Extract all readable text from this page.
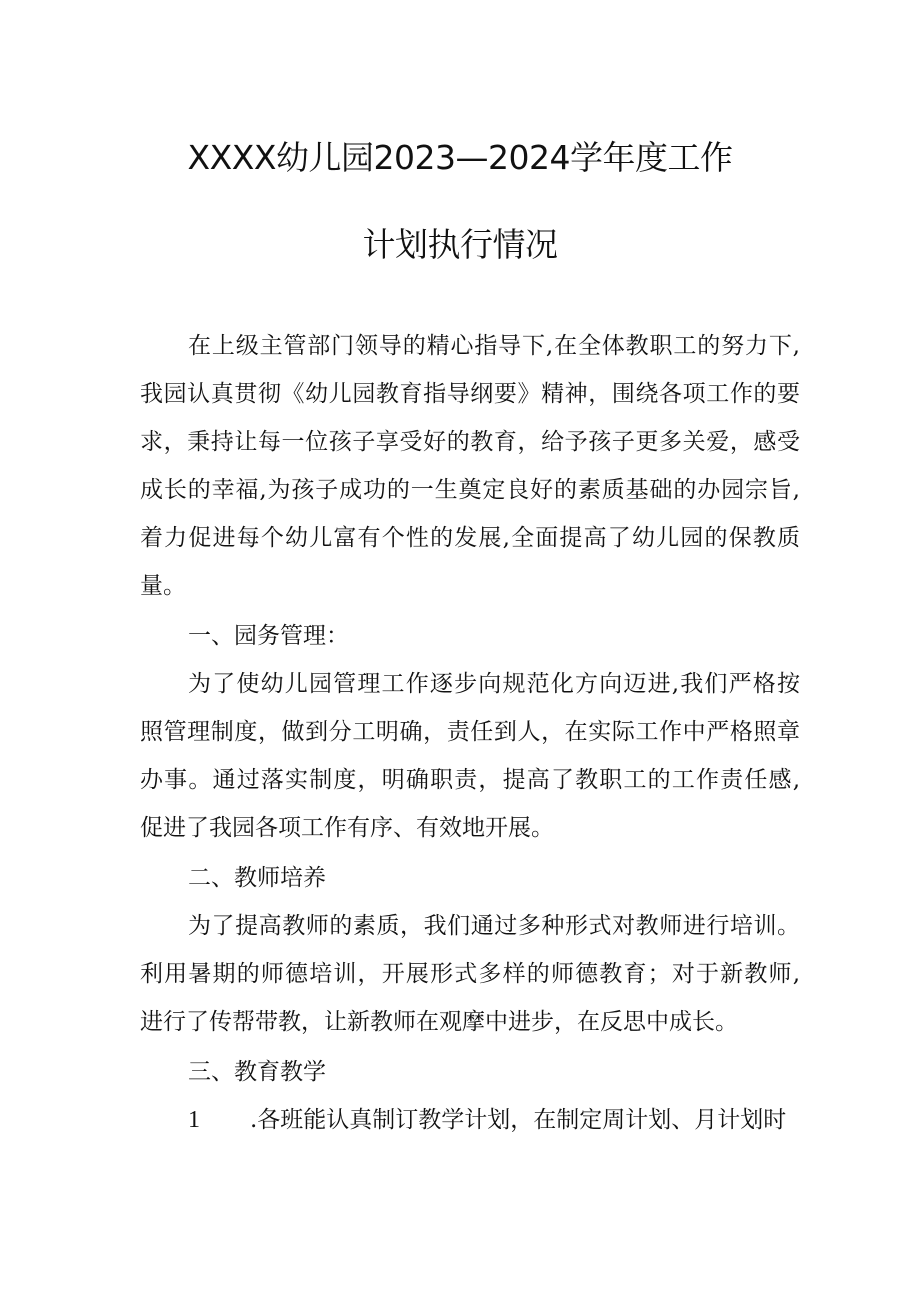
XXXX幼儿园2023—2024学年度工作
计划执行情况
在上级主管部门领导的精心指导下,在全体教职工的努力下,
我园认真贯彻《幼儿园教育指导纲要》精神，围绕各项工作的要
求，秉持让每一位孩子享受好的教育，给予孩子更多关爱，感受
成长的幸福,为孩子成功的一生奠定良好的素质基础的办园宗旨,
着力促进每个幼儿富有个性的发展,全面提高了幼儿园的保教质
量。
一、园务管理：
为了使幼儿园管理工作逐步向规范化方向迈进,我们严格按
照管理制度，做到分工明确，责任到人，在实际工作中严格照章
办事。通过落实制度，明确职责，提高了教职工的工作责任感,
促进了我园各项工作有序、有效地开展。
二、教师培养
为了提高教师的素质，我们通过多种形式对教师进行培训。
利用暑期的师德培训，开展形式多样的师德教育；对于新教师,
进行了传帮带教，让新教师在观摩中进步，在反思中成长。
三、教育教学
1 .各班能认真制订教学计划，在制定周计划、月计划时
